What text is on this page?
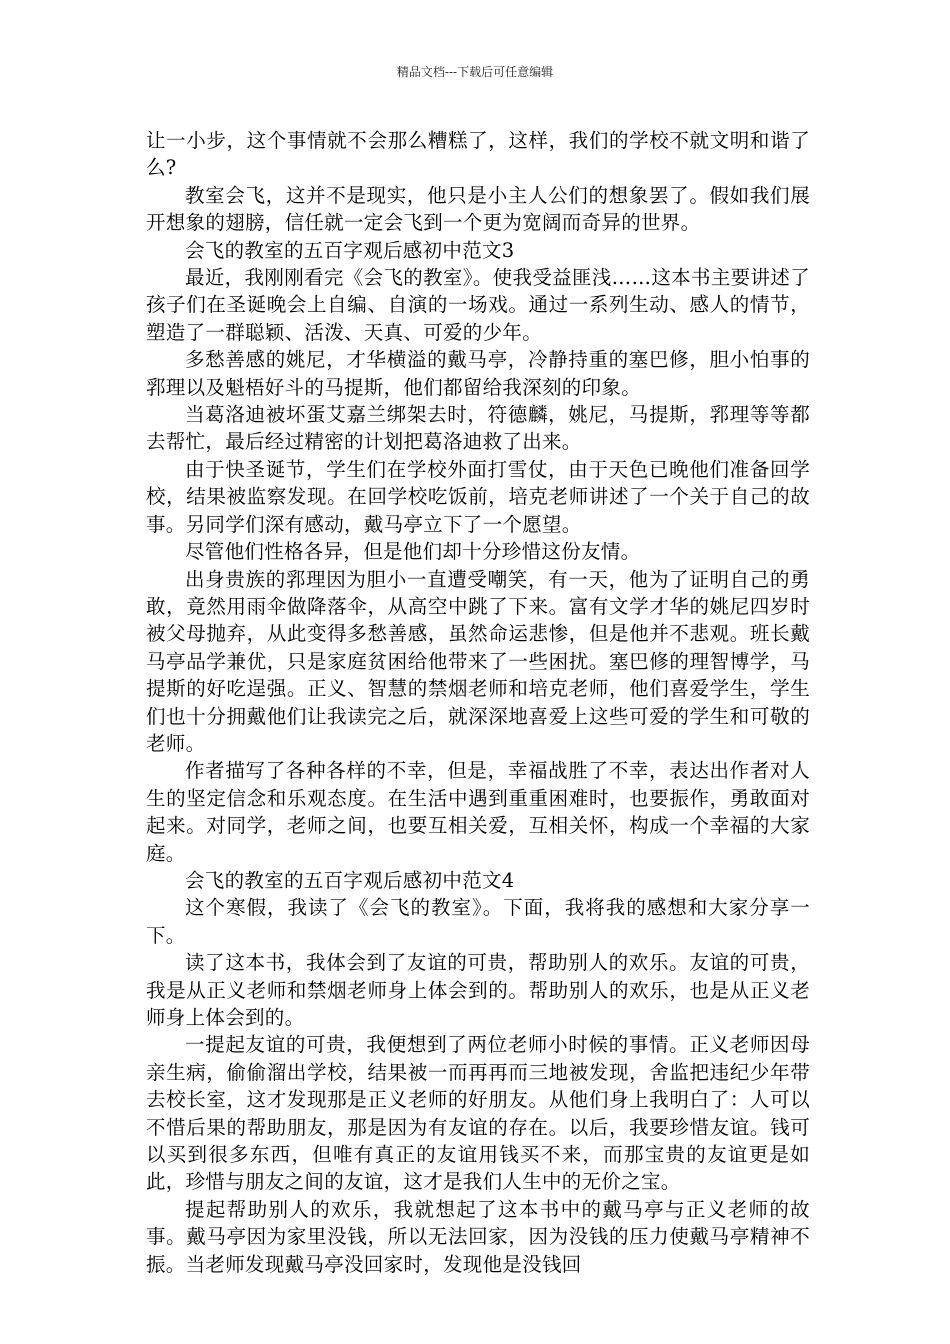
精品文档---下载后可任意编辑

让一小步，这个事情就不会那么糟糕了，这样，我们的学校不就文明和谐了么?

教室会飞，这并不是现实，他只是小主人公们的想象罢了。假如我们展开想象的翅膀，信任就一定会飞到一个更为宽阔而奇异的世界。

会飞的教室的五百字观后感初中范文3

最近，我刚刚看完《会飞的教室》。使我受益匪浅……这本书主要讲述了孩子们在圣诞晚会上自编、自演的一场戏。通过一系列生动、感人的情节，塑造了一群聪颖、活泼、天真、可爱的少年。

多愁善感的姚尼，才华横溢的戴马亭，冷静持重的塞巴修，胆小怕事的郛理以及魁梧好斗的马提斯，他们都留给我深刻的印象。

当葛洛迪被坏蛋艾嘉兰绑架去时，符德麟，姚尼，马提斯，郛理等等都去帮忙，最后经过精密的计划把葛洛迪救了出来。

由于快圣诞节，学生们在学校外面打雪仗，由于天色已晚他们准备回学校，结果被监察发现。在回学校吃饭前，培克老师讲述了一个关于自己的故事。另同学们深有感动，戴马亭立下了一个愿望。

尽管他们性格各异，但是他们却十分珍惜这份友情。

出身贵族的郛理因为胆小一直遭受嘲笑，有一天，他为了证明自己的勇敢，竟然用雨伞做降落伞，从高空中跳了下来。富有文学才华的姚尼四岁时被父母抛弃，从此变得多愁善感，虽然命运悲惨，但是他并不悲观。班长戴马亭品学兼优，只是家庭贫困给他带来了一些困扰。塞巴修的理智博学，马提斯的好吃逞强。正义、智慧的禁烟老师和培克老师，他们喜爱学生，学生们也十分拥戴他们让我读完之后，就深深地喜爱上这些可爱的学生和可敬的老师。

作者描写了各种各样的不幸，但是，幸福战胜了不幸，表达出作者对人生的坚定信念和乐观态度。在生活中遇到重重困难时，也要振作，勇敢面对起来。对同学，老师之间，也要互相关爱，互相关怀，构成一个幸福的大家庭。

会飞的教室的五百字观后感初中范文4

这个寒假，我读了《会飞的教室》。下面，我将我的感想和大家分享一下。

读了这本书，我体会到了友谊的可贵，帮助别人的欢乐。友谊的可贵，我是从正义老师和禁烟老师身上体会到的。帮助别人的欢乐，也是从正义老师身上体会到的。

一提起友谊的可贵，我便想到了两位老师小时候的事情。正义老师因母亲生病，偷偷溜出学校，结果被一而再再而三地被发现，舍监把违纪少年带去校长室，这才发现那是正义老师的好朋友。从他们身上我明白了：人可以不惜后果的帮助朋友，那是因为有友谊的存在。以后，我要珍惜友谊。钱可以买到很多东西，但唯有真正的友谊用钱买不来，而那宝贵的友谊更是如此，珍惜与朋友之间的友谊，这才是我们人生中的无价之宝。

提起帮助别人的欢乐，我就想起了这本书中的戴马亭与正义老师的故事。戴马亭因为家里没钱，所以无法回家，因为没钱的压力使戴马亭精神不振。当老师发现戴马亭没回家时，发现他是没钱回
